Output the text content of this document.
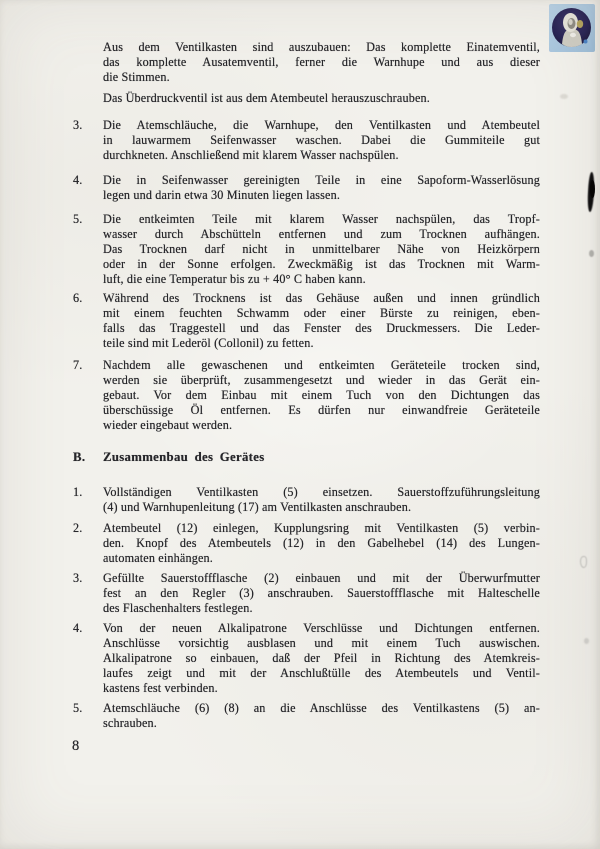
Aus dem Ventilkasten sind auszubauen: Das komplette Einatemventil,
das komplette Ausatemventil, ferner die Warnhupe und aus dieser
die Stimmen.

Das Überdruckventil ist aus dem Atembeutel herauszuschrauben.

3.	Die Atemschläuche, die Warnhupe, den Ventilkasten und Atembeutel
in lauwarmem Seifenwasser waschen. Dabei die Gummiteile gut
durchkneten. Anschließend mit klarem Wasser nachspülen.
4.	Die in Seifenwasser gereinigten Teile in eine Sapoform-Wasserlösung
legen und darin etwa 30 Minuten liegen lassen.
5.	Die entkeimten Teile mit klarem Wasser nachspülen, das Tropf-
wasser durch Abschütteln entfernen und zum Trocknen aufhängen.
Das Trocknen darf nicht in unmittelbarer Nähe von Heizkörpern
oder in der Sonne erfolgen. Zweckmäßig ist das Trocknen mit Warm-
luft, die eine Temperatur bis zu + 40° C haben kann.
6.	Während des Trocknens ist das Gehäuse außen und innen gründlich
mit einem feuchten Schwamm oder einer Bürste zu reinigen, eben-
falls das Traggestell und das Fenster des Druckmessers. Die Leder-
teile sind mit Lederöl (Collonil) zu fetten.
7.	Nachdem alle gewaschenen und entkeimten Geräteteile trocken sind,
werden sie überprüft, zusammengesetzt und wieder in das Gerät ein-
gebaut. Vor dem Einbau mit einem Tuch von den Dichtungen das
überschüssige Öl entfernen. Es dürfen nur einwandfreie Geräteteile
wieder eingebaut werden.
B.	Zusammenbau des Gerätes
1.	Vollständigen Ventilkasten (5) einsetzen. Sauerstoffzuführungsleitung
(4) und Warnhupenleitung (17) am Ventilkasten anschrauben.
2.	Atembeutel (12) einlegen, Kupplungsring mit Ventilkasten (5) verbin-
den. Knopf des Atembeutels (12) in den Gabelhebel (14) des Lungen-
automaten einhängen.
3.	Gefüllte Sauerstoffflasche (2) einbauen und mit der Überwurfmutter
fest an den Regler (3) anschrauben. Sauerstoffflasche mit Halteschelle
des Flaschenhalters festlegen.
4.	Von der neuen Alkalipatrone Verschlüsse und Dichtungen entfernen.
Anschlüsse vorsichtig ausblasen und mit einem Tuch auswischen.
Alkalipatrone so einbauen, daß der Pfeil in Richtung des Atemkreis-
laufes zeigt und mit der Anschlußtülle des Atembeutels und Ventil-
kastens fest verbinden.
5.	Atemschläuche (6) (8) an die Anschlüsse des Ventilkastens (5) an-
schrauben.
8
